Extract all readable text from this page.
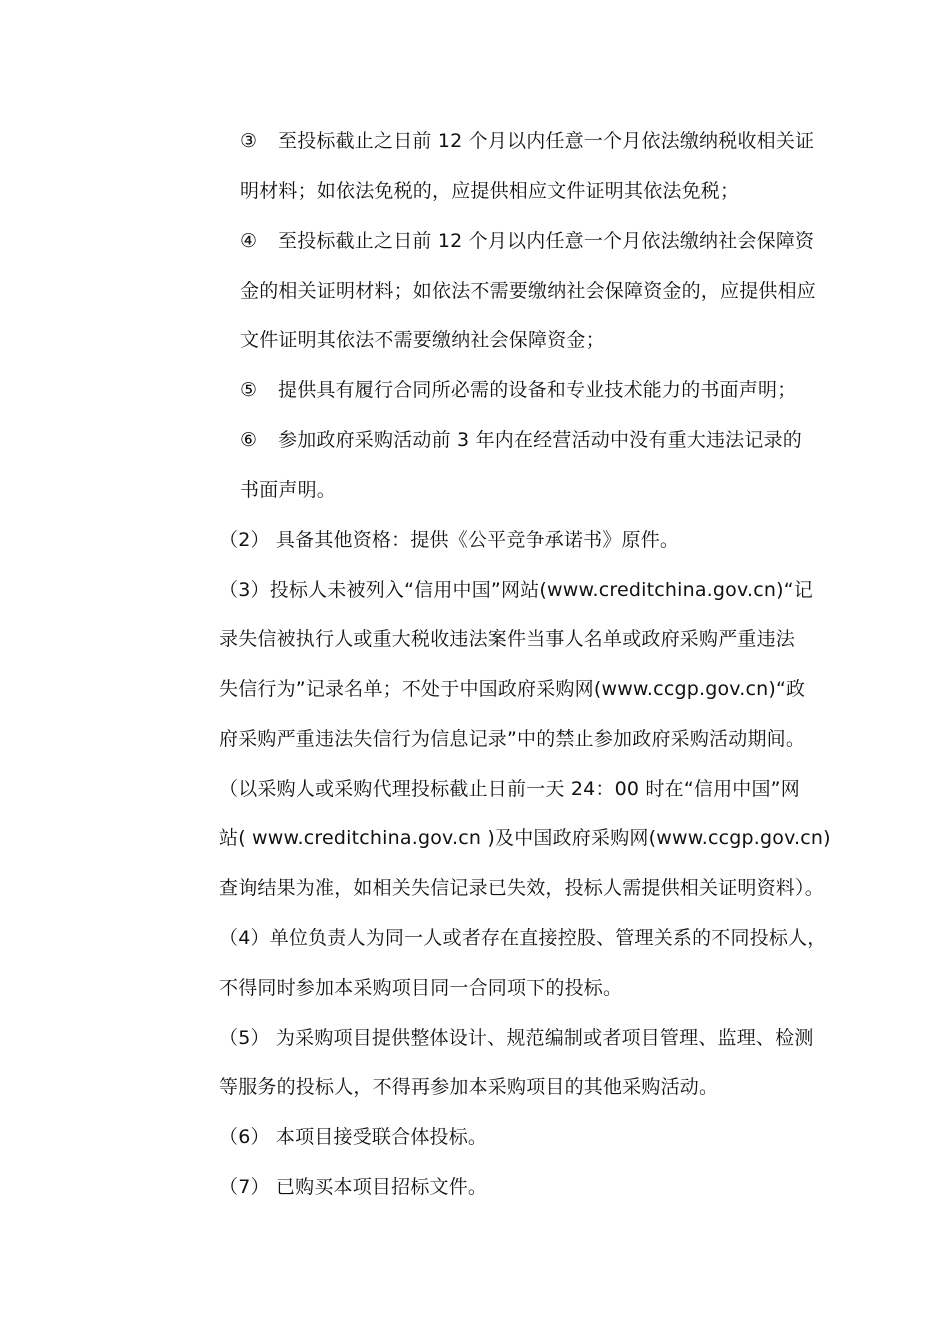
③ 至投标截止之日前 12 个月以内任意一个月依法缴纳税收相关证
明材料；如依法免税的，应提供相应文件证明其依法免税；
④ 至投标截止之日前 12 个月以内任意一个月依法缴纳社会保障资
金的相关证明材料；如依法不需要缴纳社会保障资金的，应提供相应
文件证明其依法不需要缴纳社会保障资金；
⑤ 提供具有履行合同所必需的设备和专业技术能力的书面声明；
⑥ 参加政府采购活动前 3 年内在经营活动中没有重大违法记录的
书面声明。
（2） 具备其他资格：提供《公平竞争承诺书》原件。
（3）投标人未被列入“信用中国”网站(www.creditchina.gov.cn)“记
录失信被执行人或重大税收违法案件当事人名单或政府采购严重违法
失信行为”记录名单；不处于中国政府采购网(www.ccgp.gov.cn)“政
府采购严重违法失信行为信息记录”中的禁止参加政府采购活动期间。
（以采购人或采购代理投标截止日前一天 24：00 时在“信用中国”网
站( www.creditchina.gov.cn )及中国政府采购网(www.ccgp.gov.cn)
查询结果为准，如相关失信记录已失效，投标人需提供相关证明资料）。
（4）单位负责人为同一人或者存在直接控股、管理关系的不同投标人，
不得同时参加本采购项目同一合同项下的投标。
（5） 为采购项目提供整体设计、规范编制或者项目管理、监理、检测
等服务的投标人，不得再参加本采购项目的其他采购活动。
（6） 本项目接受联合体投标。
（7） 已购买本项目招标文件。
